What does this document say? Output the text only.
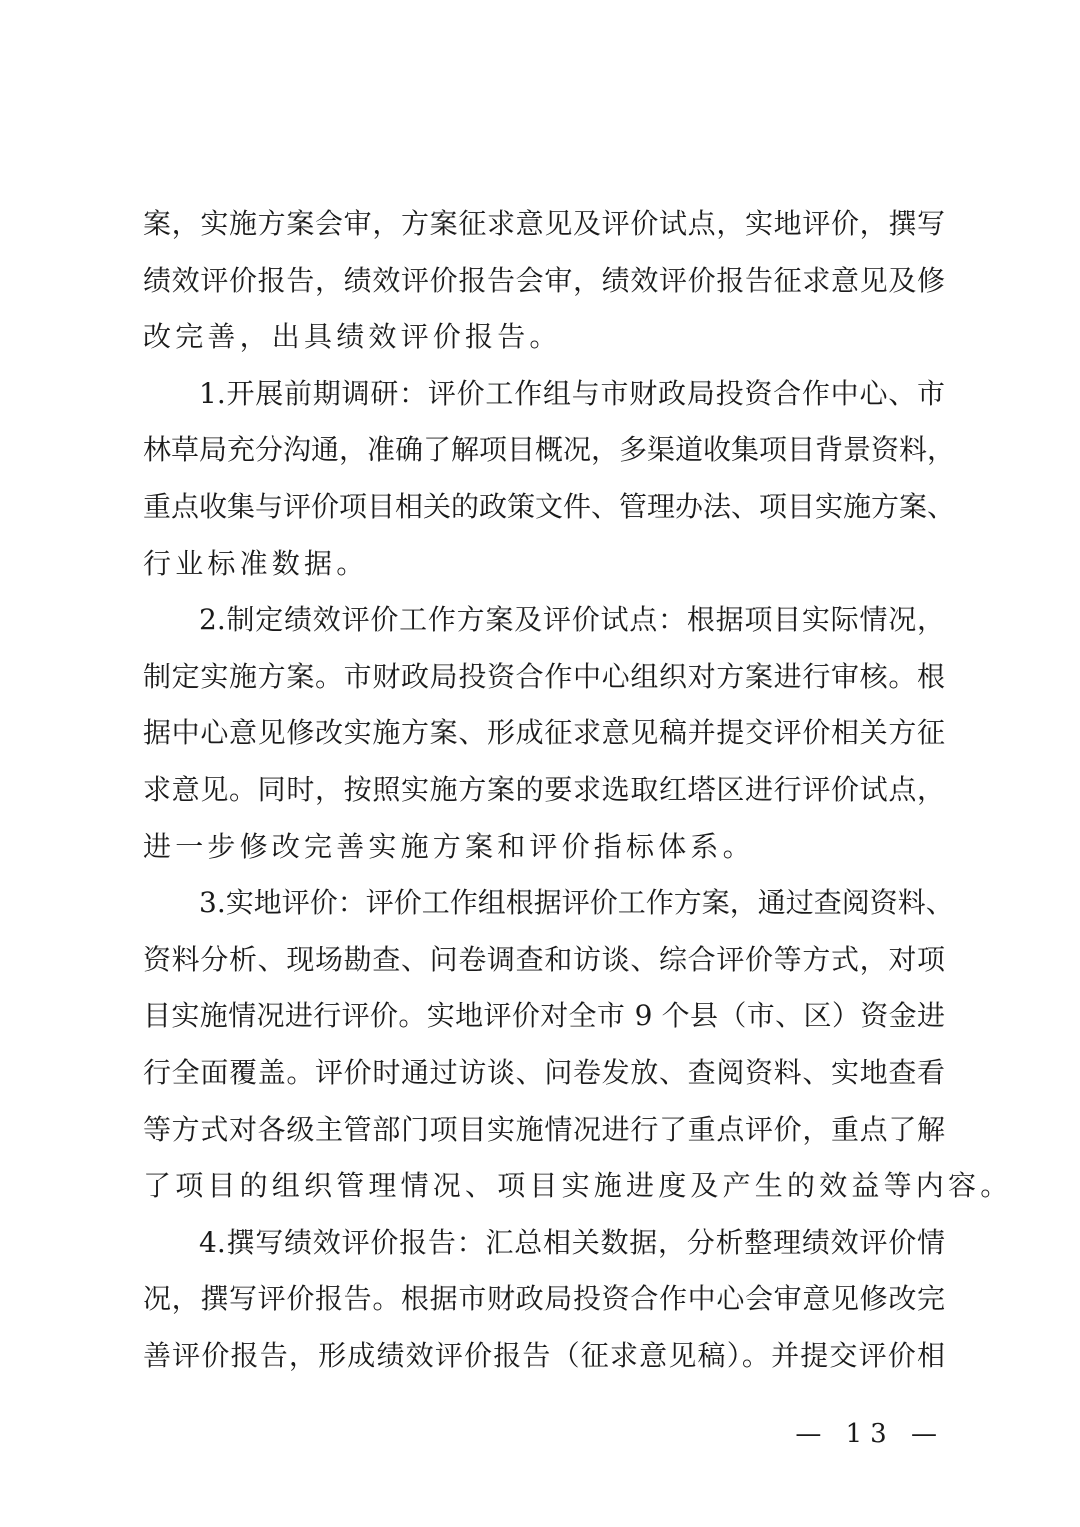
案，实施方案会审，方案征求意见及评价试点，实地评价，撰写
绩效评价报告，绩效评价报告会审，绩效评价报告征求意见及修
改完善，出具绩效评价报告。
1.开展前期调研：评价工作组与市财政局投资合作中心、市
林草局充分沟通，准确了解项目概况，多渠道收集项目背景资料，
重点收集与评价项目相关的政策文件、管理办法、项目实施方案、
行业标准数据。
2.制定绩效评价工作方案及评价试点：根据项目实际情况，
制定实施方案。市财政局投资合作中心组织对方案进行审核。根
据中心意见修改实施方案、形成征求意见稿并提交评价相关方征
求意见。同时，按照实施方案的要求选取红塔区进行评价试点，
进一步修改完善实施方案和评价指标体系。
3.实地评价：评价工作组根据评价工作方案，通过查阅资料、
资料分析、现场勘查、问卷调查和访谈、综合评价等方式，对项
目实施情况进行评价。实地评价对全市 9 个县（市、区）资金进
行全面覆盖。评价时通过访谈、问卷发放、查阅资料、实地查看
等方式对各级主管部门项目实施情况进行了重点评价，重点了解
了项目的组织管理情况、项目实施进度及产生的效益等内容。
4.撰写绩效评价报告：汇总相关数据，分析整理绩效评价情
况，撰写评价报告。根据市财政局投资合作中心会审意见修改完
善评价报告，形成绩效评价报告（征求意见稿）。并提交评价相
— 13 —
